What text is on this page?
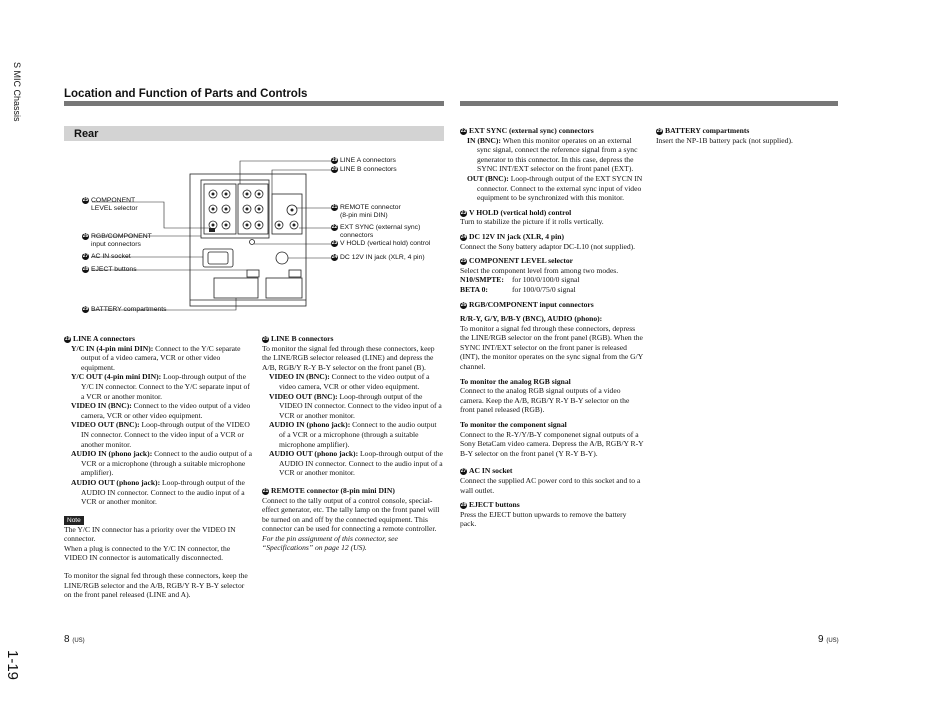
S MIC Chassis
1-19
Location and Function of Parts and Controls
Rear
19 LINE A connectors
20 LINE B connectors
21 REMOTE connector
(8-pin mini DIN)
22 EXT SYNC (external sync)
connectors
23 V HOLD (vertical hold) control
24 DC 12V IN jack (XLR, 4 pin)
25 COMPONENT
LEVEL selector
26 RGB/COMPONENT
input connectors
27 AC IN socket
28 EJECT buttons
29 BATTERY compartments

19 LINE A connectors

Y/C IN (4-pin mini DIN): Connect to the Y/C separate output of a video camera, VCR or other video equipment.

Y/C OUT (4-pin mini DIN): Loop-through output of the Y/C IN connector. Connect to the Y/C separate input of a VCR or another monitor.

VIDEO IN (BNC): Connect to the video output of a video camera, VCR or other video equipment.

VIDEO OUT (BNC): Loop-through output of the VIDEO IN connector. Connect to the video input of a VCR or another monitor.

AUDIO IN (phono jack): Connect to the audio output of a VCR or a microphone (through a suitable microphone amplifier).

AUDIO OUT (phono jack): Loop-through output of the AUDIO IN connector. Connect to the audio input of a VCR or another monitor.

Note

The Y/C IN connector has a priority over the VIDEO IN connector.

When a plug is connected to the Y/C IN connector, the VIDEO IN connector is automatically disconnected.

To monitor the signal fed through these connectors, keep the LINE/RGB selector and the A/B, RGB/Y R-Y B-Y selector on the front panel released (LINE and A).

20 LINE B connectors

To monitor the signal fed through these connectors, keep the LINE/RGB selector released (LINE) and depress the A/B, RGB/Y R-Y B-Y selector on the front panel (B).

VIDEO IN (BNC): Connect to the video output of a video camera, VCR or other video equipment.

VIDEO OUT (BNC): Loop-through output of the VIDEO IN connector. Connect to the video input of a VCR or another monitor.

AUDIO IN (phono jack): Connect to the audio output of a VCR or a microphone (through a suitable microphone amplifier).

AUDIO OUT (phono jack): Loop-through output of the AUDIO IN connector. Connect to the audio input of a VCR or another monitor.

21 REMOTE connector (8-pin mini DIN)

Connect to the tally output of a control console, special-effect generator, etc. The tally lamp on the front panel will be turned on and off by the connected equipment. This connector can be used for connecting a remote controller.

For the pin assignment of this connector, see “Specifications” on page 12 (US).

22 EXT SYNC (external sync) connectors

IN (BNC): When this monitor operates on an external sync signal, connect the reference signal from a sync generator to this connector. In this case, depress the SYNC INT/EXT selector on the front panel (EXT).

OUT (BNC): Loop-through output of the EXT SYCN IN connector. Connect to the external sync input of video equipment to be synchronized with this monitor.

23 V HOLD (vertical hold) control

Turn to stabilize the picture if it rolls vertically.

24 DC 12V IN jack (XLR, 4 pin)

Connect the Sony battery adaptor DC-L10 (not supplied).

25 COMPONENT LEVEL selector

Select the component level from among two modes.

N10/SMPTE:	for 100/0/100/0 signal
BETA 0:	for 100/0/75/0 signal

26 RGB/COMPONENT input connectors

R/R-Y, G/Y, B/B-Y (BNC), AUDIO (phono):

To monitor a signal fed through these connectors, depress the LINE/RGB selector on the front panel (RGB). When the SYNC INT/EXT selector on the front paner is released (INT), the monitor operates on the sync signal from the G/Y channel.

To monitor the analog RGB signal

Connect to the analog RGB signal outputs of a video camera. Keep the A/B, RGB/Y R-Y B-Y selector on the front panel released (RGB).

To monitor the component signal

Connect to the R-Y/Y/B-Y componenet signal outputs of a Sony BetaCam video camera. Depress the A/B, RGB/Y R-Y B-Y selector on the front panel (Y R-Y B-Y).

27 AC IN socket

Connect the supplied AC power cord to this socket and to a wall outlet.

28 EJECT buttons

Press the EJECT button upwards to remove the battery pack.

29 BATTERY compartments

Insert the NP-1B battery pack (not supplied).

8 (US)	9 (US)
